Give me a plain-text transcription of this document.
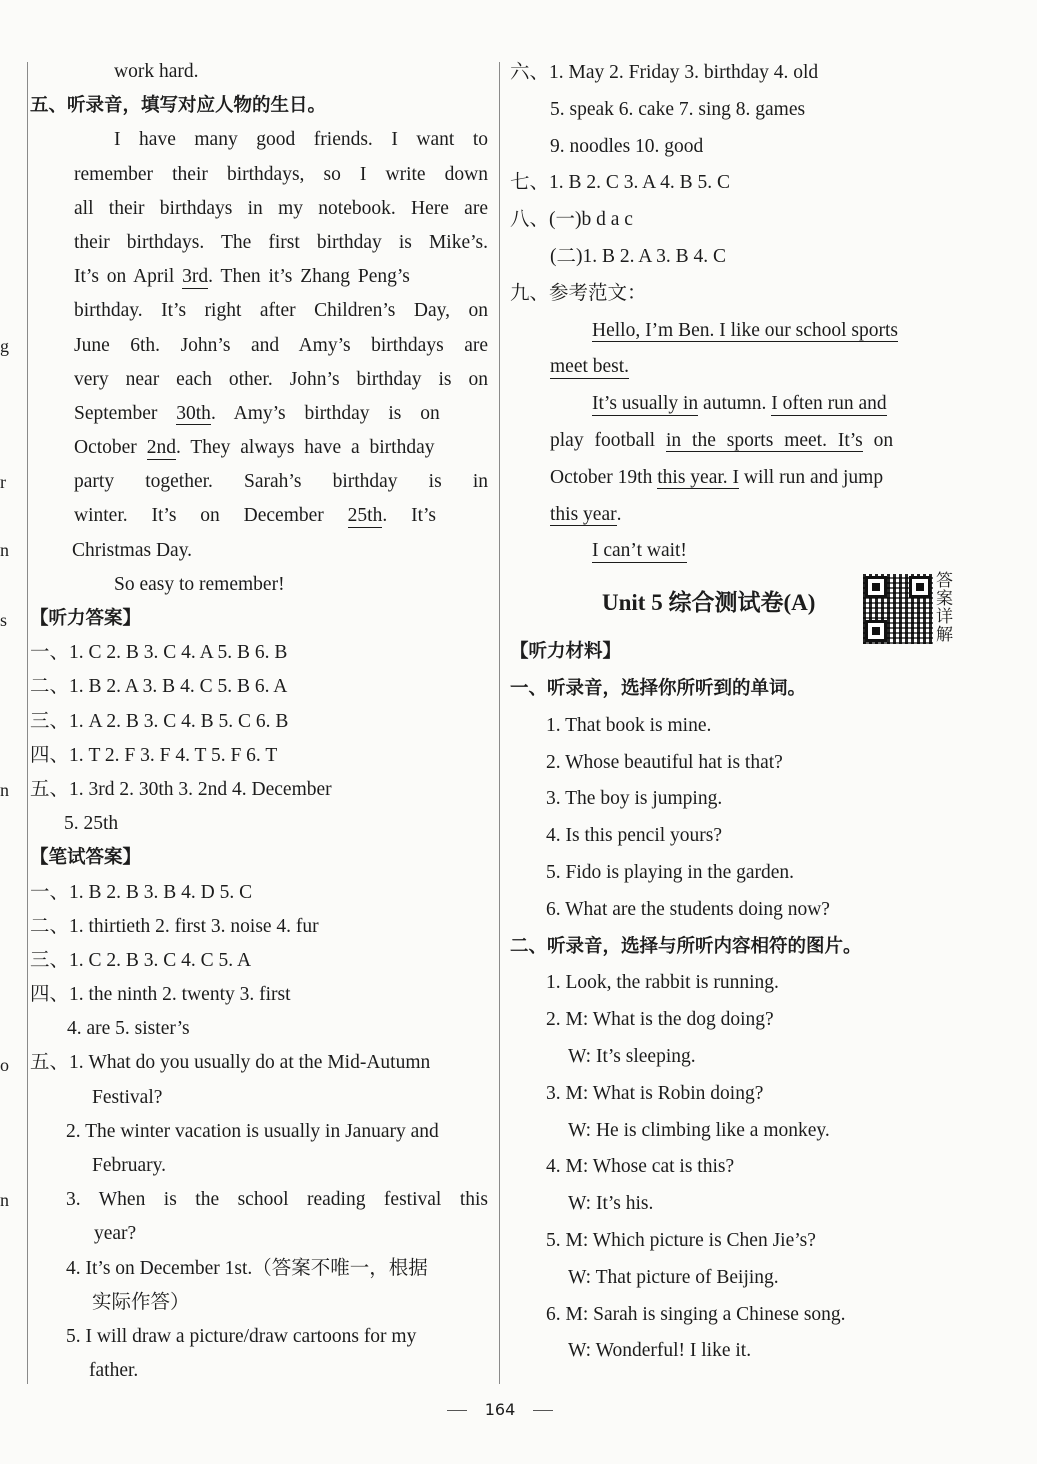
g
r
n
s
n
o
n
work hard.
五、听录音，填写对应人物的生日。
I have many good friends. I want to
remember their birthdays, so I write down
all their birthdays in my notebook. Here are
their birthdays. The first birthday is Mike’s.
It’s on April 3rd. Then it’s Zhang Peng’s
birthday. It’s right after Children’s Day, on
June 6th. John’s and Amy’s birthdays are
very near each other. John’s birthday is on
September 30th. Amy’s birthday is on
October 2nd. They always have a birthday
party together. Sarah’s birthday is in
winter. It’s on December 25th. It’s
Christmas Day.
So easy to remember!
【听力答案】
一、1. C 2. B 3. C 4. A 5. B 6. B
二、1. B 2. A 3. B 4. C 5. B 6. A
三、1. A 2. B 3. C 4. B 5. C 6. B
四、1. T 2. F 3. F 4. T 5. F 6. T
五、1. 3rd 2. 30th 3. 2nd 4. December
5. 25th
【笔试答案】
一、1. B 2. B 3. B 4. D 5. C
二、1. thirtieth 2. first 3. noise 4. fur
三、1. C 2. B 3. C 4. C 5. A
四、1. the ninth 2. twenty 3. first
4. are 5. sister’s
五、1. What do you usually do at the Mid-Autumn
Festival?
2. The winter vacation is usually in January and
February.
3. When is the school reading festival this
year?
4. It’s on December 1st.（答案不唯一，根据
实际作答）
5. I will draw a picture/draw cartoons for my
father.
六、1. May 2. Friday 3. birthday 4. old
5. speak 6. cake 7. sing 8. games
9. noodles 10. good
七、1. B 2. C 3. A 4. B 5. C
八、(一)b d a c
(二)1. B 2. A 3. B 4. C
九、参考范文：
Hello, I’m Ben. I like our school sports
meet best.
It’s usually in autumn. I often run and
play football in the sports meet. It’s on
October 19th this year. I will run and jump
this year.
I can’t wait!
Unit 5 综合测试卷(A)
答
案
详
解
【听力材料】
一、听录音，选择你所听到的单词。
1. That book is mine.
2. Whose beautiful hat is that?
3. The boy is jumping.
4. Is this pencil yours?
5. Fido is playing in the garden.
6. What are the students doing now?
二、听录音，选择与所听内容相符的图片。
1. Look, the rabbit is running.
2. M: What is the dog doing?
W: It’s sleeping.
3. M: What is Robin doing?
W: He is climbing like a monkey.
4. M: Whose cat is this?
W: It’s his.
5. M: Which picture is Chen Jie’s?
W: That picture of Beijing.
6. M: Sarah is singing a Chinese song.
W: Wonderful! I like it.
164
